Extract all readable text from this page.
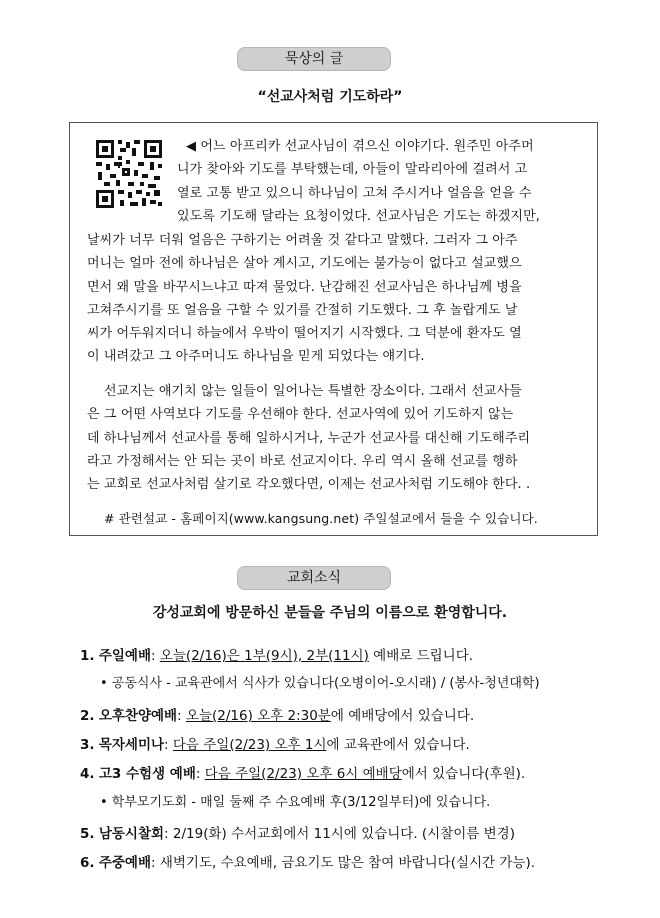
묵상의 글
“선교사처럼 기도하라”
◀ 어느 아프리카 선교사님이 겪으신 이야기다. 원주민 아주머
니가 찾아와 기도를 부탁했는데, 아들이 말라리아에 걸려서 고
열로 고통 받고 있으니 하나님이 고쳐 주시거나 얼음을 얻을 수
있도록 기도해 달라는 요청이었다. 선교사님은 기도는 하겠지만,
날씨가 너무 더워 얼음은 구하기는 어려울 것 같다고 말했다. 그러자 그 아주
머니는 얼마 전에 하나님은 살아 계시고, 기도에는 불가능이 없다고 설교했으
면서 왜 말을 바꾸시느냐고 따져 물었다. 난감해진 선교사님은 하나님께 병을
고쳐주시기를 또 얼음을 구할 수 있기를 간절히 기도했다. 그 후 놀랍게도 날
씨가 어두워지더니 하늘에서 우박이 떨어지기 시작했다. 그 덕분에 환자도 열
이 내려갔고 그 아주머니도 하나님을 믿게 되었다는 얘기다.
선교지는 얘기치 않는 일들이 일어나는 특별한 장소이다. 그래서 선교사들
은 그 어떤 사역보다 기도를 우선해야 한다. 선교사역에 있어 기도하지 않는
데 하나님께서 선교사를 통해 일하시거나, 누군가 선교사를 대신해 기도해주리
라고 가정해서는 안 되는 곳이 바로 선교지이다. 우리 역시 올해 선교를 행하
는 교회로 선교사처럼 살기로 각오했다면, 이제는 선교사처럼 기도해야 한다. .
# 관련설교 - 홈페이지(www.kangsung.net) 주일설교에서 들을 수 있습니다.
교회소식
강성교회에 방문하신 분들을 주님의 이름으로 환영합니다.
1. 주일예배: 오늘(2/16)은 1부(9시), 2부(11시) 예배로 드립니다.
• 공동식사 - 교육관에서 식사가 있습니다(오병이어-오시래) / (봉사-청년대학)
2. 오후찬양예배: 오늘(2/16) 오후 2:30분에 예배당에서 있습니다.
3. 목자세미나: 다음 주일(2/23) 오후 1시에 교육관에서 있습니다.
4. 고3 수험생 예배: 다음 주일(2/23) 오후 6시 예배당에서 있습니다(후원).
• 학부모기도회 - 매일 둘째 주 수요예배 후(3/12일부터)에 있습니다.
5. 남동시찰회: 2/19(화) 수서교회에서 11시에 있습니다. (시찰이름 변경)
6. 주중예배: 새벽기도, 수요예배, 금요기도 많은 참여 바랍니다(실시간 가능).
